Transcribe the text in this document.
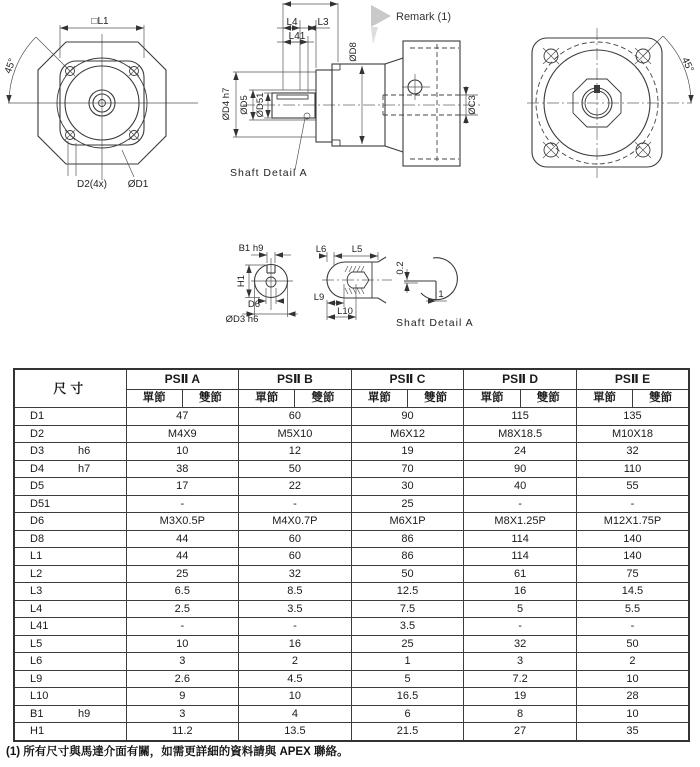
□L1
45°
D2(4x) ØD1
Shaft Detail A
ØD4 h7 ØD5 ØD51
ØD8
ØC3
L4 L3
L41
Remark (1)
45°
B1 h9
H1
D6
ØD3 h6
L6	L5
L9
L10
0.2
1
Shaft Detail A
尺寸	PSⅡ A		PSⅡ B		PSⅡ C		PSⅡ D		PSⅡ E	
	單節	雙節	單節	雙節	單節	雙節	單節	雙節	單節	雙節
D1	47		60		90		115		135	
D2	M4X9		M5X10		M6X12		M8X18.5		M10X18	
D3 h6	10		12		19		24		32	
D4 h7	38		50		70		90		110	
D5	17		22		30		40		55	
D51	-		-		25		-		-	
D6	M3X0.5P		M4X0.7P		M6X1P		M8X1.25P		M12X1.75P	
D8	44		60		86		114		140	
L1	44		60		86		114		140	
L2	25		32		50		61		75	
L3	6.5		8.5		12.5		16		14.5	
L4	2.5		3.5		7.5		5		5.5	
L41	-		-		3.5		-		-	
L5	10		16		25		32		50	
L6	3		2		1		3		2	
L9	2.6		4.5		5		7.2		10	
L10	9		10		16.5		19		28	
B1 h9	3		4		6		8		10	
H1	11.2		13.5		21.5		27		35	
(1) 所有尺寸與馬達介面有關，如需更詳細的資料請與 APEX 聯絡。
